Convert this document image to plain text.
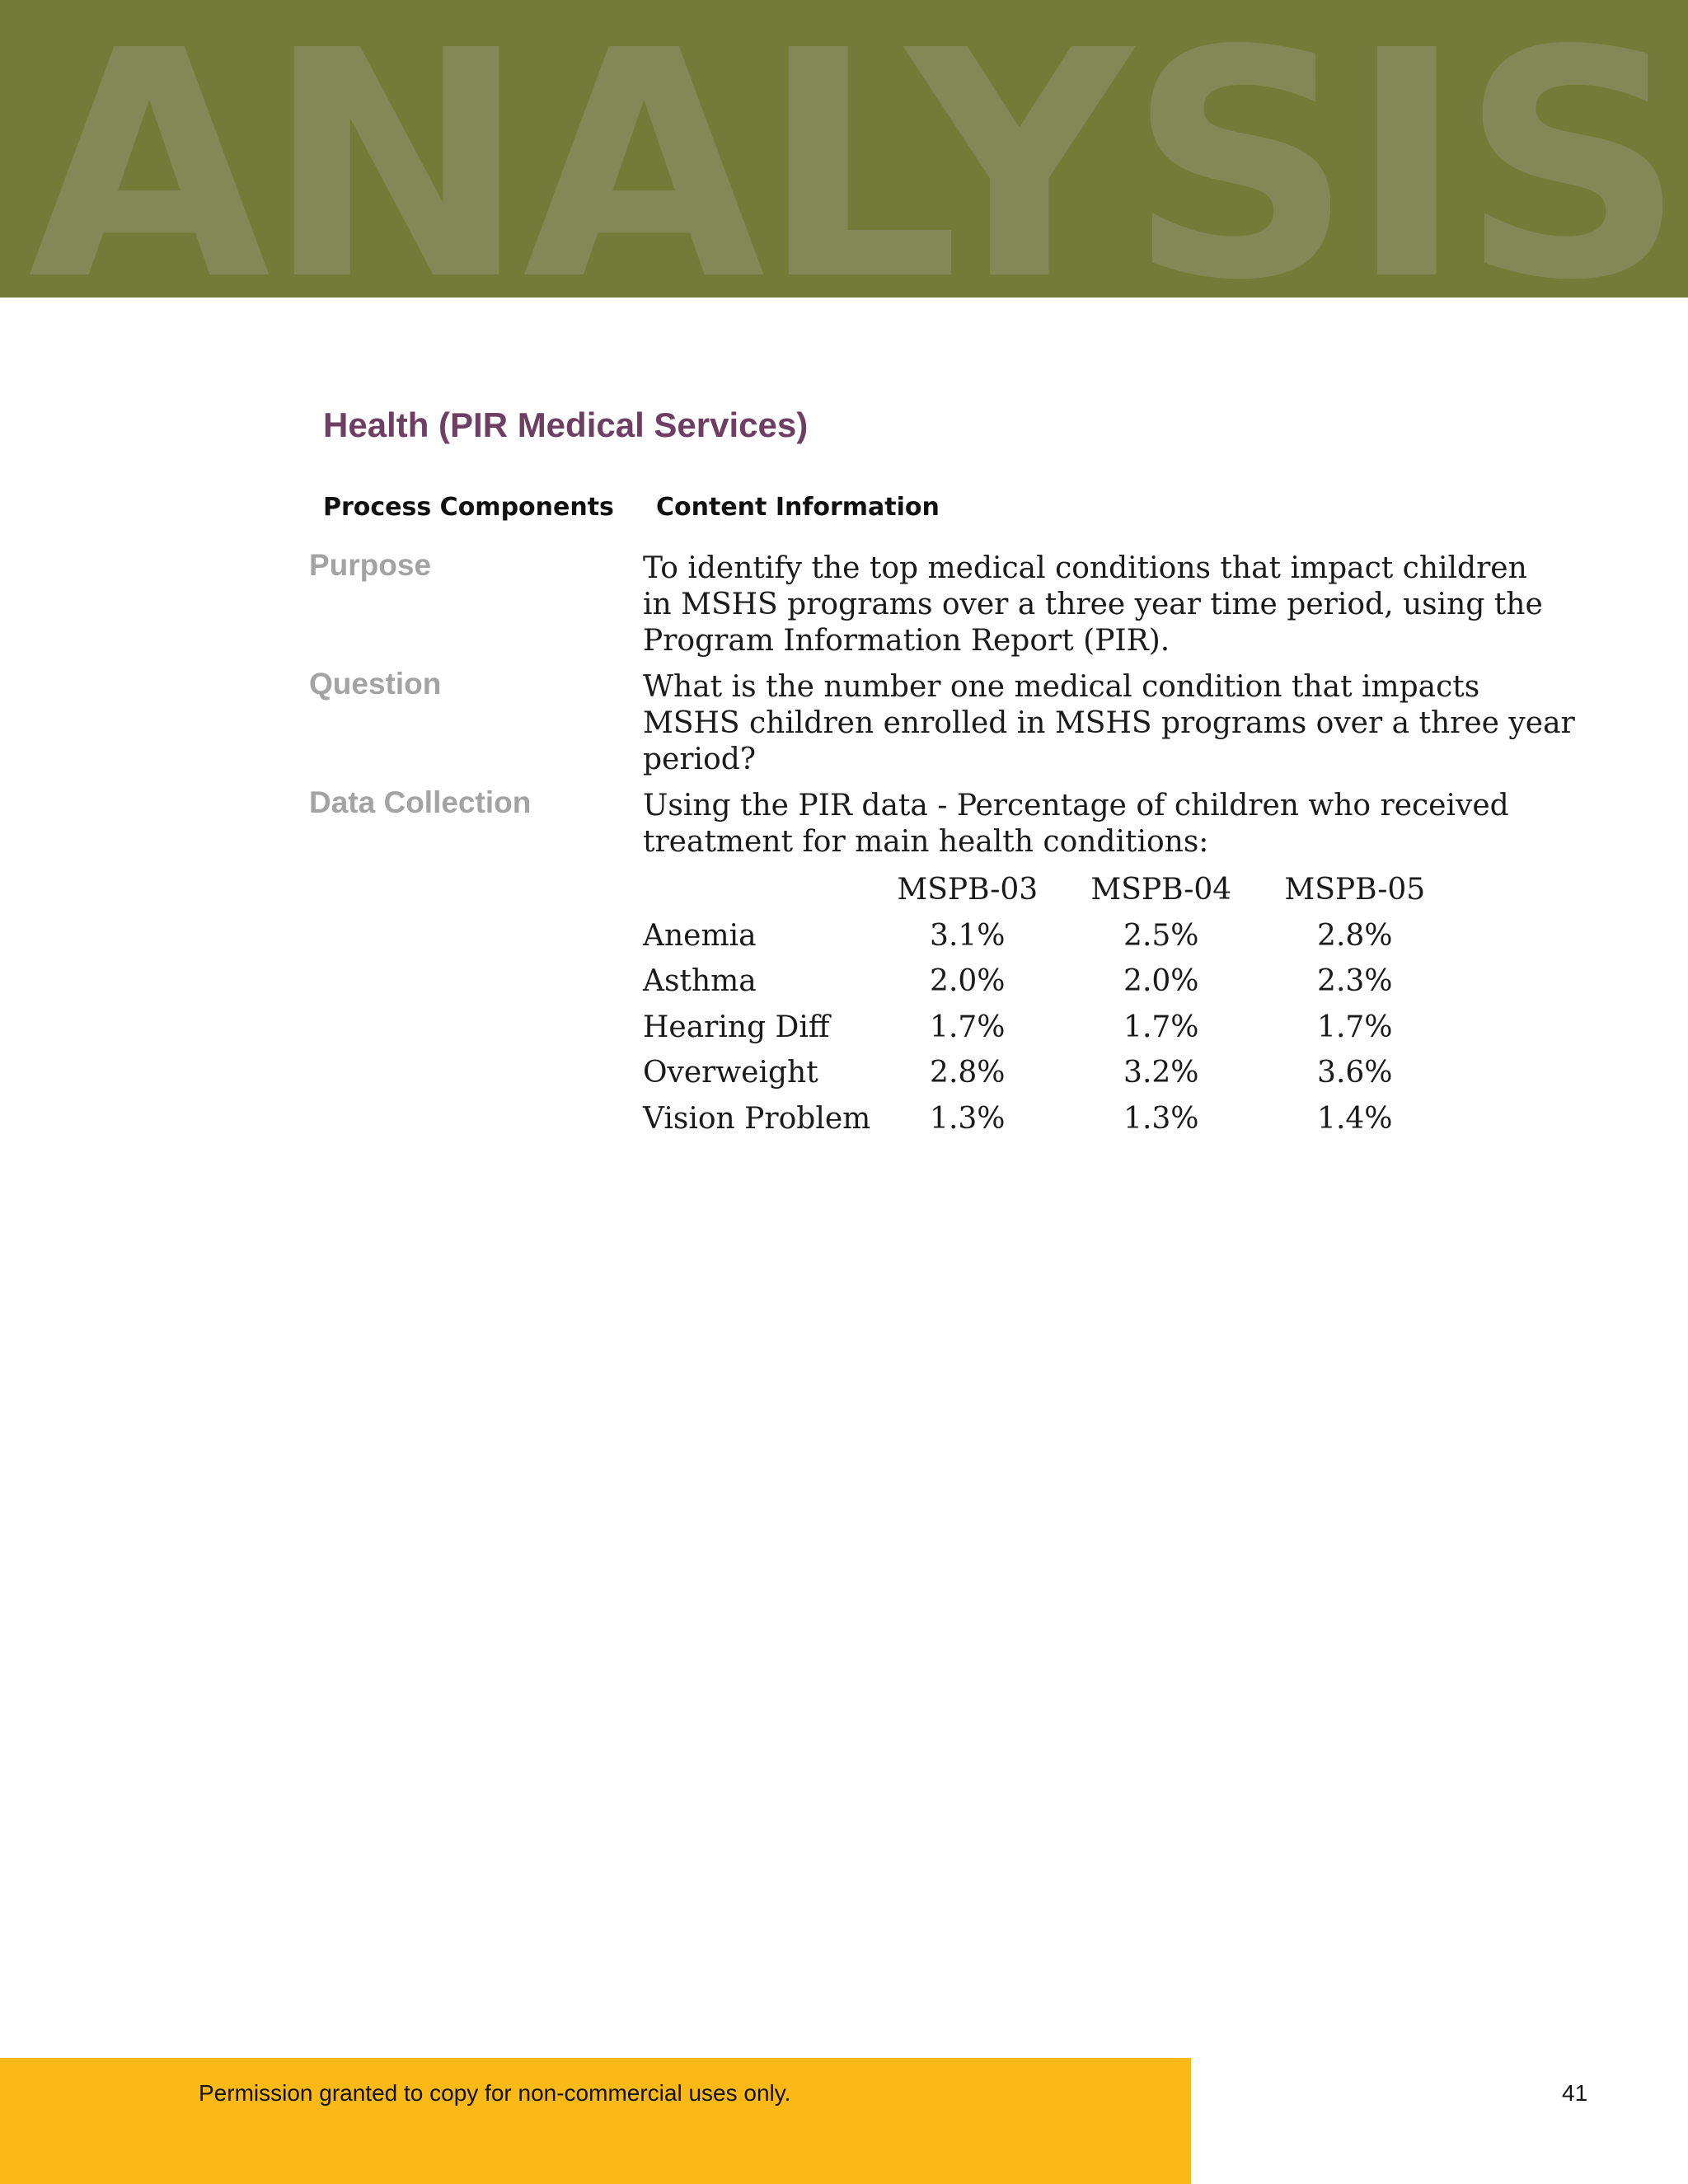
ANALYSIS
Health (PIR Medical Services)
Process Components Content Information
Purpose	To identify the top medical conditions that impact children
in MSHS programs over a three year time period, using the
Program Information Report (PIR).
Question	What is the number one medical condition that impacts
MSHS children enrolled in MSHS programs over a three year
period?
Data Collection	Using the PIR data - Percentage of children who received
treatment for main health conditions:
	MSPB-03	MSPB-04	MSPB-05
Anemia	3.1%	2.5%	2.8%
Asthma	2.0%	2.0%	2.3%
Hearing Diff	1.7%	1.7%	1.7%
Overweight	2.8%	3.2%	3.6%
Vision Problem	1.3%	1.3%	1.4%
Permission granted to copy for non-commercial uses only.	41
